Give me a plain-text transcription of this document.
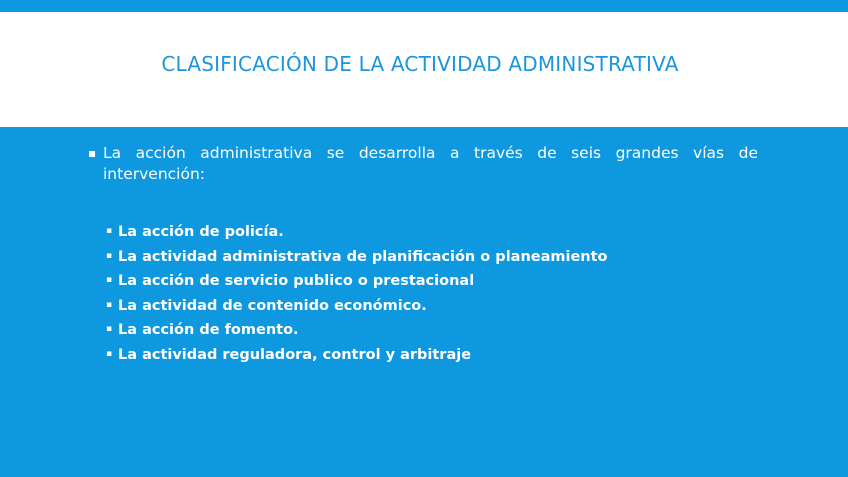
CLASIFICACIÓN DE LA ACTIVIDAD ADMINISTRATIVA
▪ La acción administrativa se desarrolla a través de seis grandes vías de intervención:
▪ La acción de policía.
▪ La actividad administrativa de planificación o planeamiento
▪ La acción de servicio publico o prestacional
▪ La actividad de contenido económico.
▪ La acción de fomento.
▪ La actividad reguladora, control y arbitraje
